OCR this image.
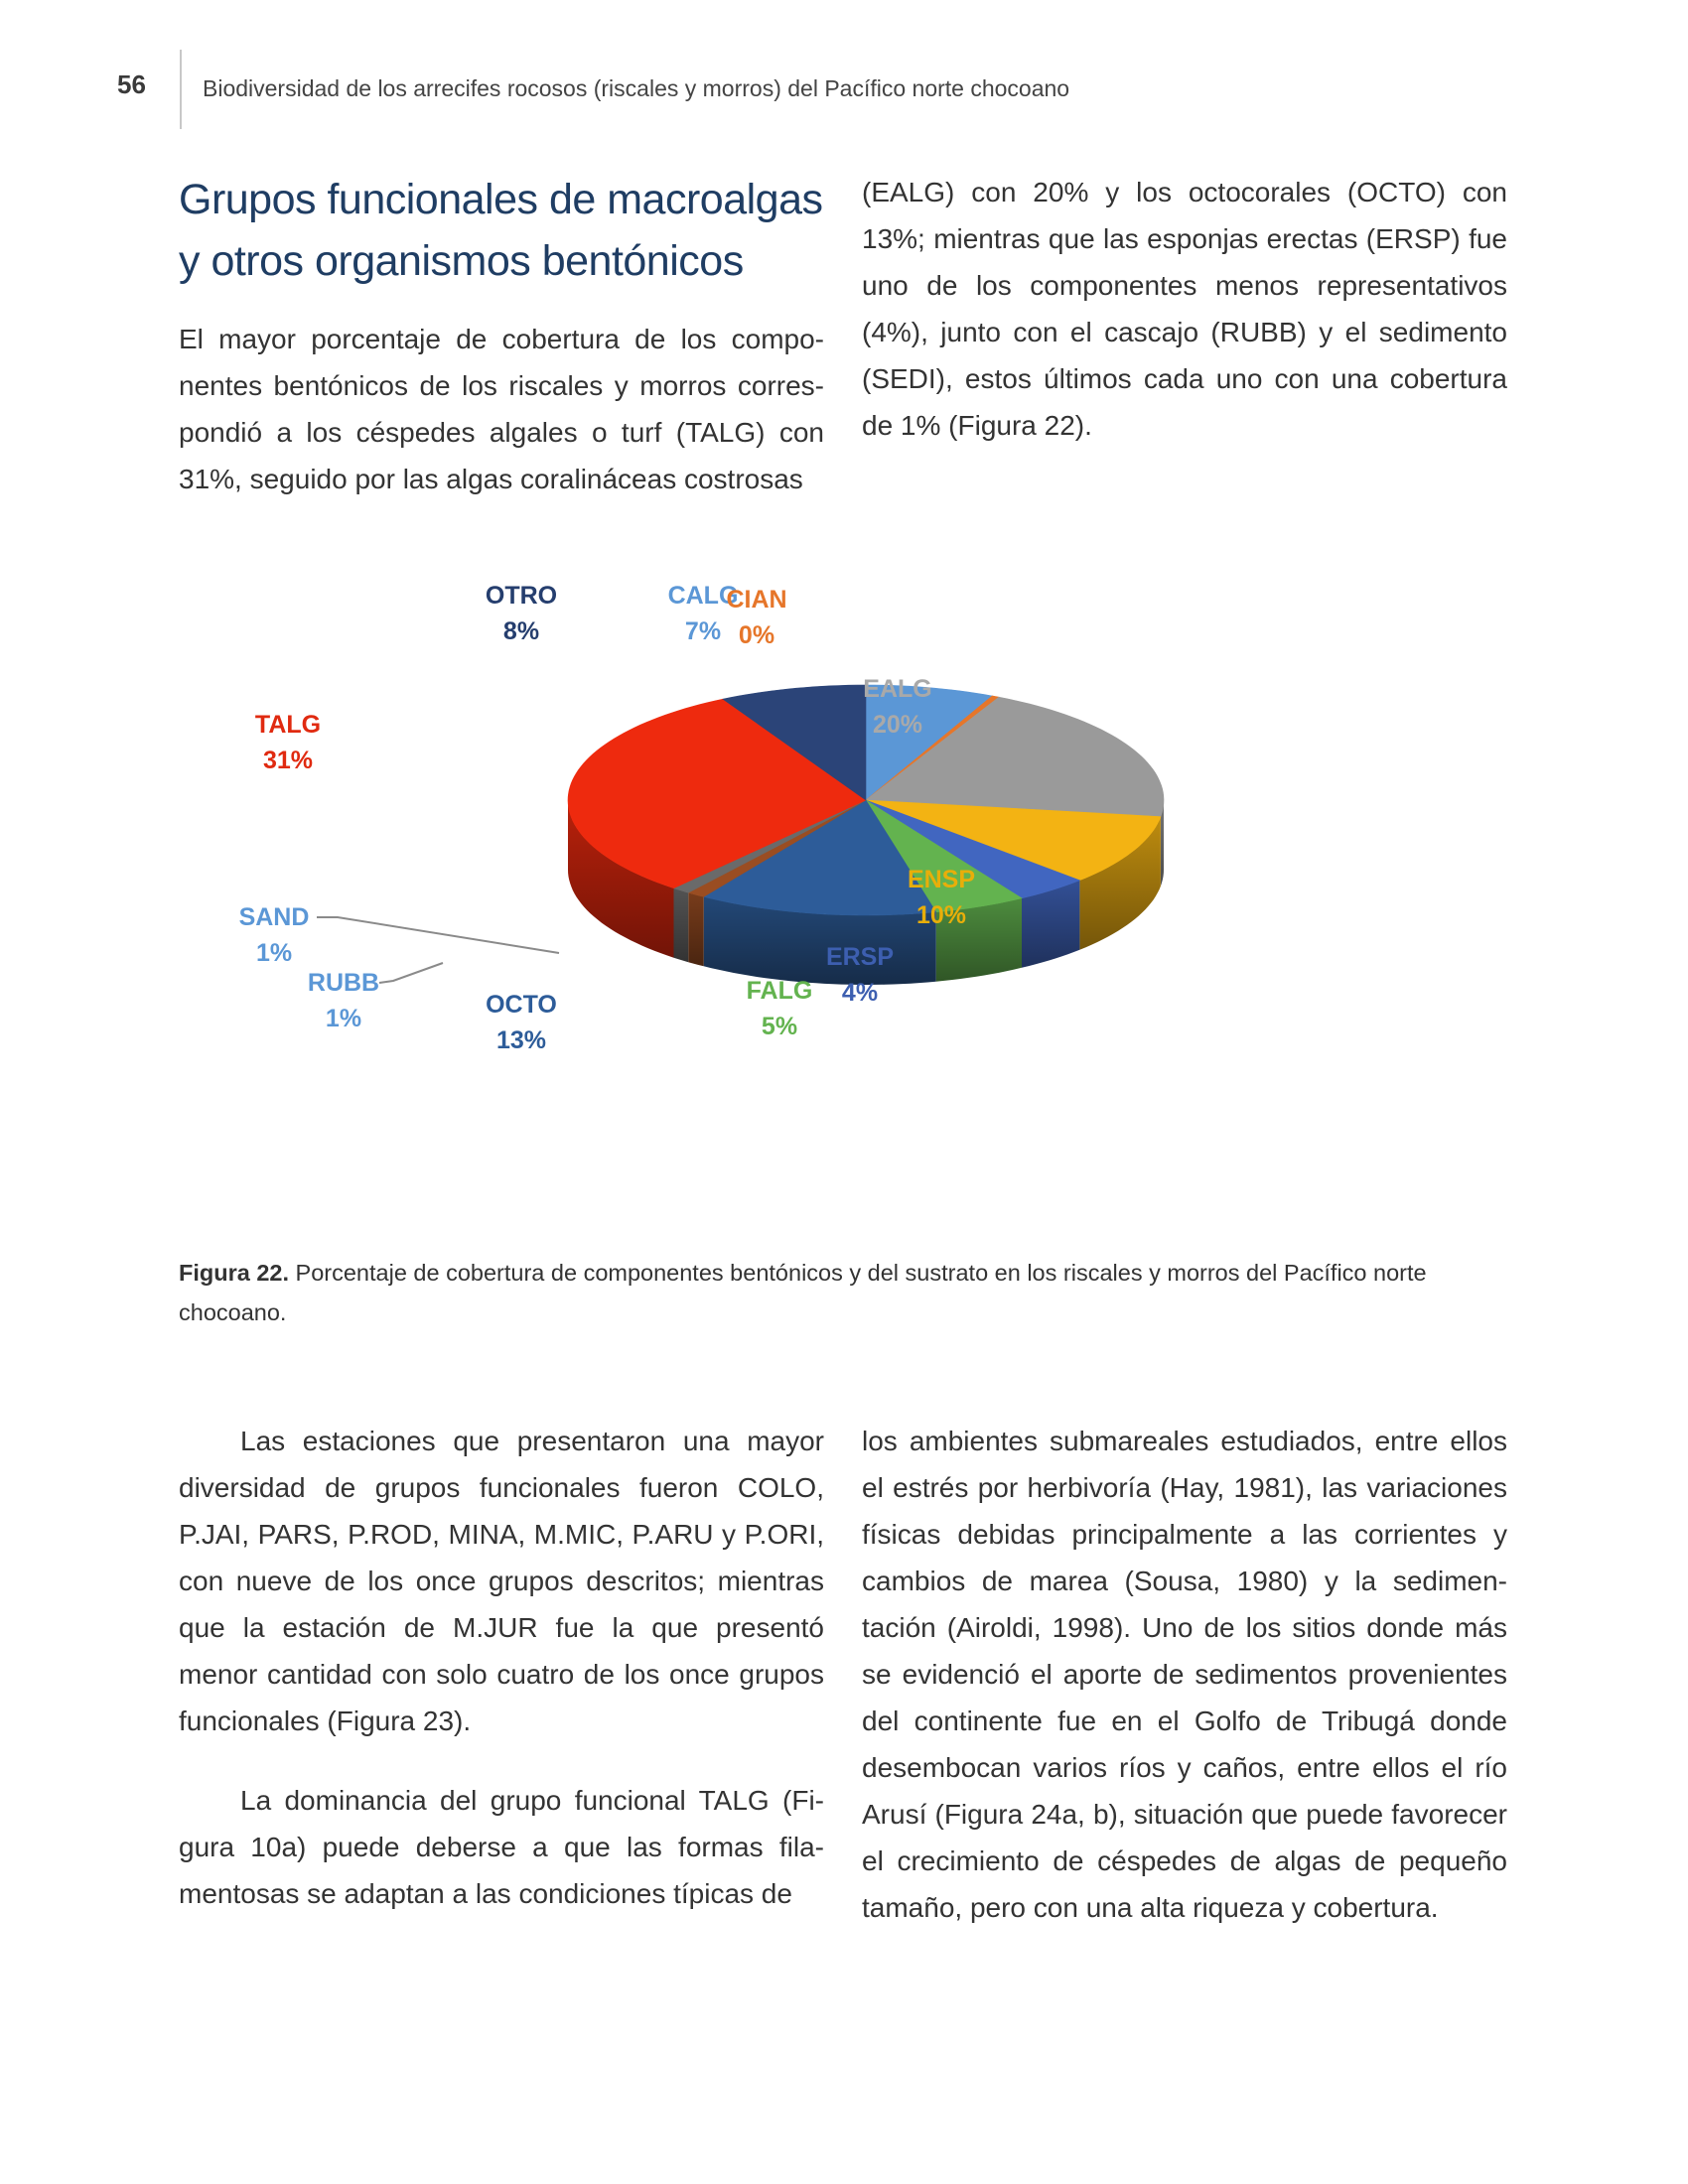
56 Biodiversidad de los arrecifes rocosos (riscales y morros) del Pacífico norte chocoano
Grupos funcionales de macroalgas
y otros organismos bentónicos

El mayor porcentaje de cobertura de los componentes bentónicos de los riscales y morros correspondió a los céspedes algales o turf (TALG) con 31%, seguido por las algas coralináceas costrosas

(EALG) con 20% y los octocorales (OCTO) con 13%; mientras que las esponjas erectas (ERSP) fue uno de los componentes menos representativos (4%), junto con el cascajo (RUBB) y el sedimento (SEDI), estos últimos cada uno con una cobertura de 1% (Figura 22).

CALG
7%
CIAN
0%
EALG
20%
ENSP
10%
ERSP
4%
FALG
5%
OCTO
13%
RUBB
1%
SAND
1%
TALG
31%
OTRO
8%

Figura 22. Porcentaje de cobertura de componentes bentónicos y del sustrato en los riscales y morros del Pacífico norte chocoano.

Las estaciones que presentaron una mayor diversidad de grupos funcionales fueron COLO, P.JAI, PARS, P.ROD, MINA, M.MIC, P.ARU y P.ORI, con nueve de los once grupos descritos; mientras que la estación de M.JUR fue la que presentó menor cantidad con solo cuatro de los once grupos funcionales (Figura 23).

La dominancia del grupo funcional TALG (Figura 10a) puede deberse a que las formas filamentosas se adaptan a las condiciones típicas de

los ambientes submareales estudiados, entre ellos el estrés por herbivoría (Hay, 1981), las variaciones físicas debidas principalmente a las corrientes y cambios de marea (Sousa, 1980) y la sedimentación (Airoldi, 1998). Uno de los sitios donde más se evidenció el aporte de sedimentos provenientes del continente fue en el Golfo de Tribugá donde desembocan varios ríos y caños, entre ellos el río Arusí (Figura 24a, b), situación que puede favorecer el crecimiento de céspedes de algas de pequeño tamaño, pero con una alta riqueza y cobertura.
